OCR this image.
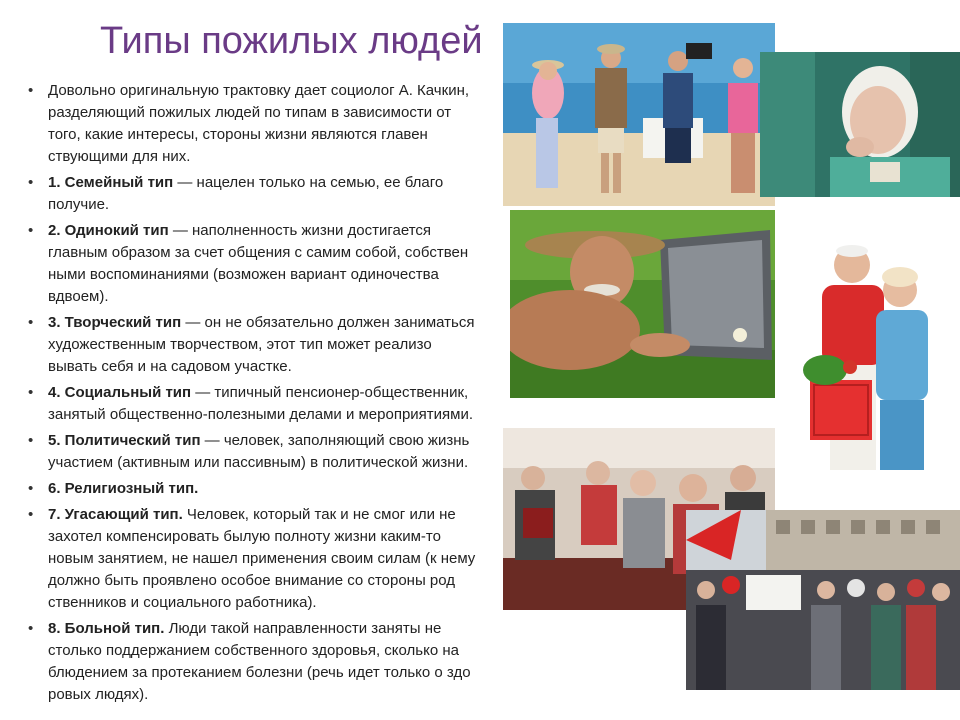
Типы пожилых людей
• Довольно оригинальную трактовку дает социолог А. Качкин,
разделяющий пожилых людей по типам в зависимости от
того, какие интересы, стороны жизни являются главен
ствующими для них.
• 1. Семейный тип — нацелен только на семью, ее благо
получие.
• 2. Одинокий тип — наполненность жизни достигается
главным образом за счет общения с самим собой, собствен
ными воспоминаниями (возможен вариант одиночества
вдвоем).
• 3. Творческий тип — он не обязательно должен заниматься
художественным творчеством, этот тип может реализо
вывать себя и на садовом участке.
• 4. Социальный тип — типичный пенсионер-общественник,
занятый общественно-полезными делами и мероприятиями.
• 5. Политический тип — человек, заполняющий свою жизнь
участием (активным или пассивным) в политической жизни.
• 6. Религиозный тип.
• 7. Угасающий тип. Человек, который так и не смог или не
захотел компенсировать былую полноту жизни каким-то
новым занятием, не нашел применения своим силам (к нему
должно быть проявлено особое внимание со стороны род
ственников и социального работника).
• 8. Больной тип. Люди такой направленности заняты не
столько поддержанием собственного здоровья, сколько на
блюдением за протеканием болезни (речь идет только о здо
ровых людях).
